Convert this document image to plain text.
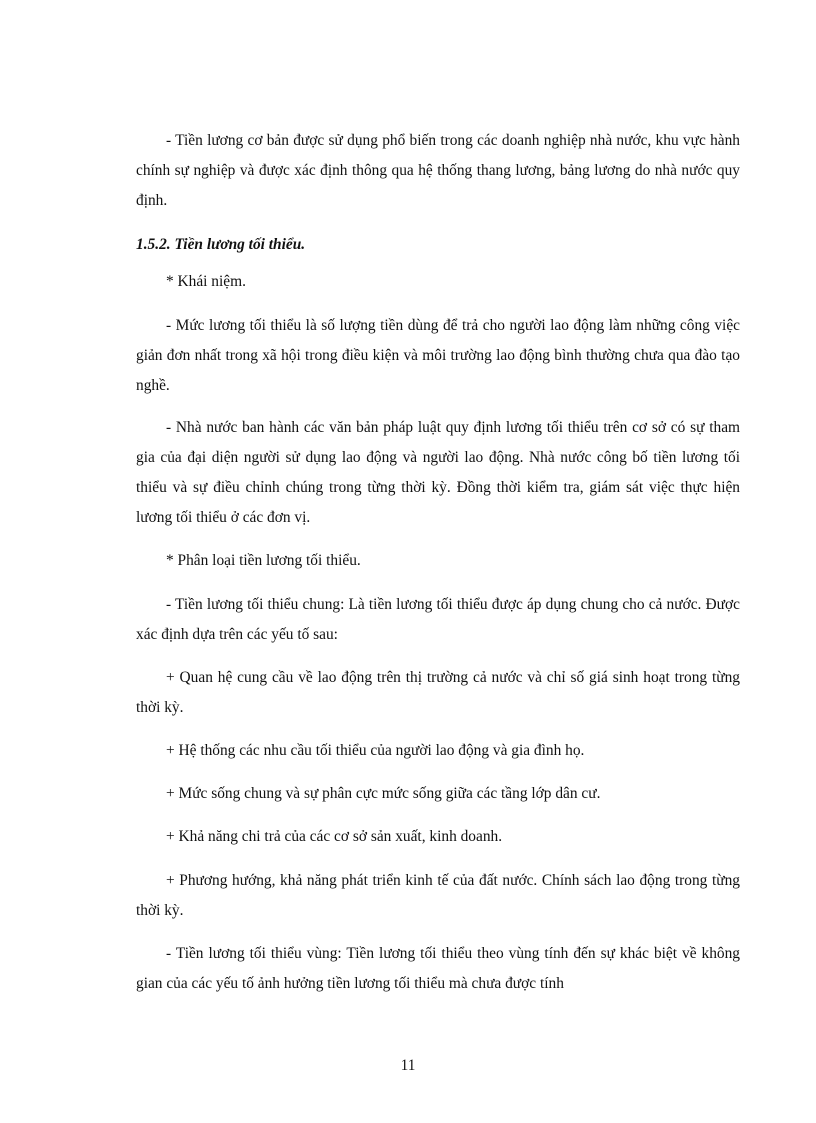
- Tiền lương cơ bản được sử dụng phổ biến trong các doanh nghiệp nhà nước, khu vực hành chính sự nghiệp và được xác định thông qua hệ thống thang lương, bảng lương do nhà nước quy định.

1.5.2. Tiền lương tối thiểu.

* Khái niệm.

- Mức lương tối thiểu là số lượng tiền dùng để trả cho người lao động làm những công việc giản đơn nhất trong xã hội trong điều kiện và môi trường lao động bình thường chưa qua đào tạo nghề.

- Nhà nước ban hành các văn bản pháp luật quy định lương tối thiểu trên cơ sở có sự tham gia của đại diện người sử dụng lao động và người lao động. Nhà nước công bố tiền lương tối thiểu và sự điều chỉnh chúng trong từng thời kỳ. Đồng thời kiểm tra, giám sát việc thực hiện lương tối thiểu ở các đơn vị.

* Phân loại tiền lương tối thiểu.

- Tiền lương tối thiểu chung: Là tiền lương tối thiểu được áp dụng chung cho cả nước. Được xác định dựa trên các yếu tố sau:

+ Quan hệ cung cầu về lao động trên thị trường cả nước và chỉ số giá sinh hoạt trong từng thời kỳ.

+ Hệ thống các nhu cầu tối thiểu của người lao động và gia đình họ.

+ Mức sống chung và sự phân cực mức sống giữa các tầng lớp dân cư.

+ Khả năng chi trả của các cơ sở sản xuất, kinh doanh.

+ Phương hướng, khả năng phát triển kinh tế của đất nước. Chính sách lao động trong từng thời kỳ.

- Tiền lương tối thiểu vùng: Tiền lương tối thiểu theo vùng tính đến sự khác biệt về không gian của các yếu tố ảnh hưởng tiền lương tối thiểu mà chưa được tính

11
